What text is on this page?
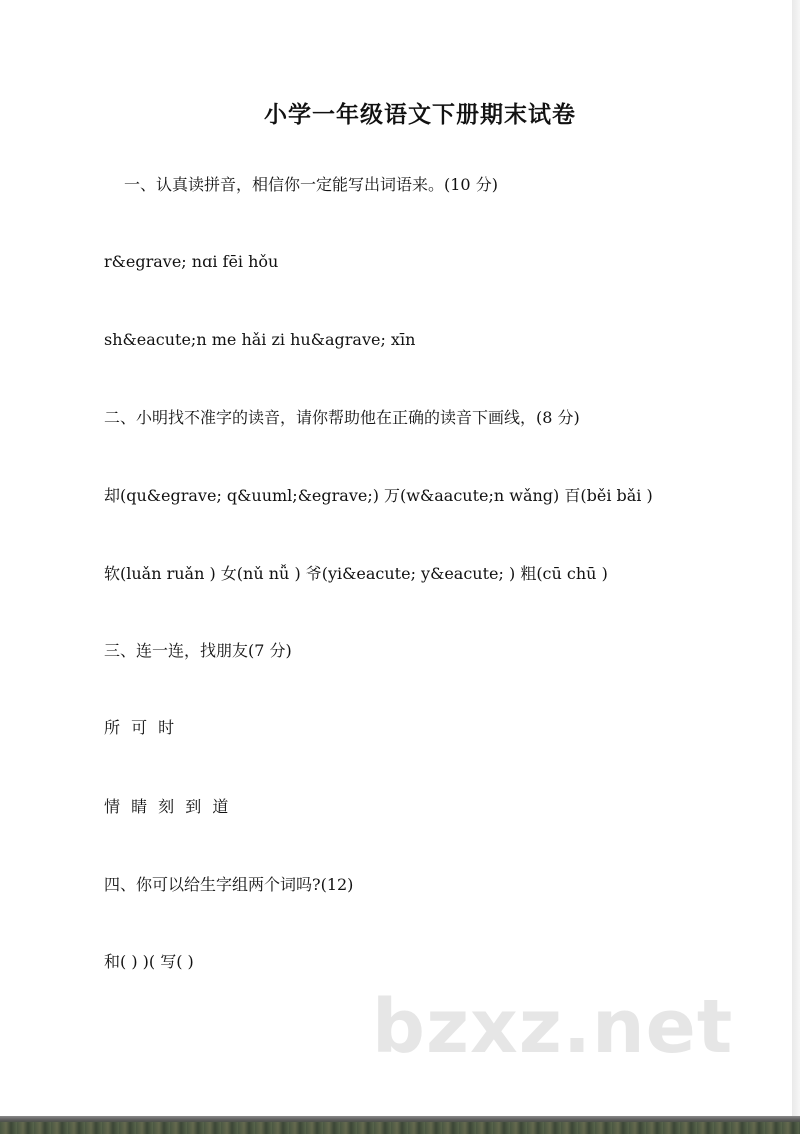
小学一年级语文下册期末试卷
一、认真读拼音，相信你一定能写出词语来。(10 分)
r&egrave; nɑi fēi hǒu
sh&eacute;n me hǎi zi hu&agrave; xīn
二、小明找不准字的读音，请你帮助他在正确的读音下画线，(8 分)
却(qu&egrave; q&uuml;&egrave;) 万(w&aacute;n wǎng) 百(běi bǎi )
软(luǎn ruǎn ) 女(nǔ nǚ ) 爷(yi&eacute; y&eacute; ) 粗(cū chū )
三、连一连，找朋友(7 分)
所 可 时
情 睛 刻 到 道
四、你可以给生字组两个词吗?(12)
和( ) )( 写( )
bzxz.net
